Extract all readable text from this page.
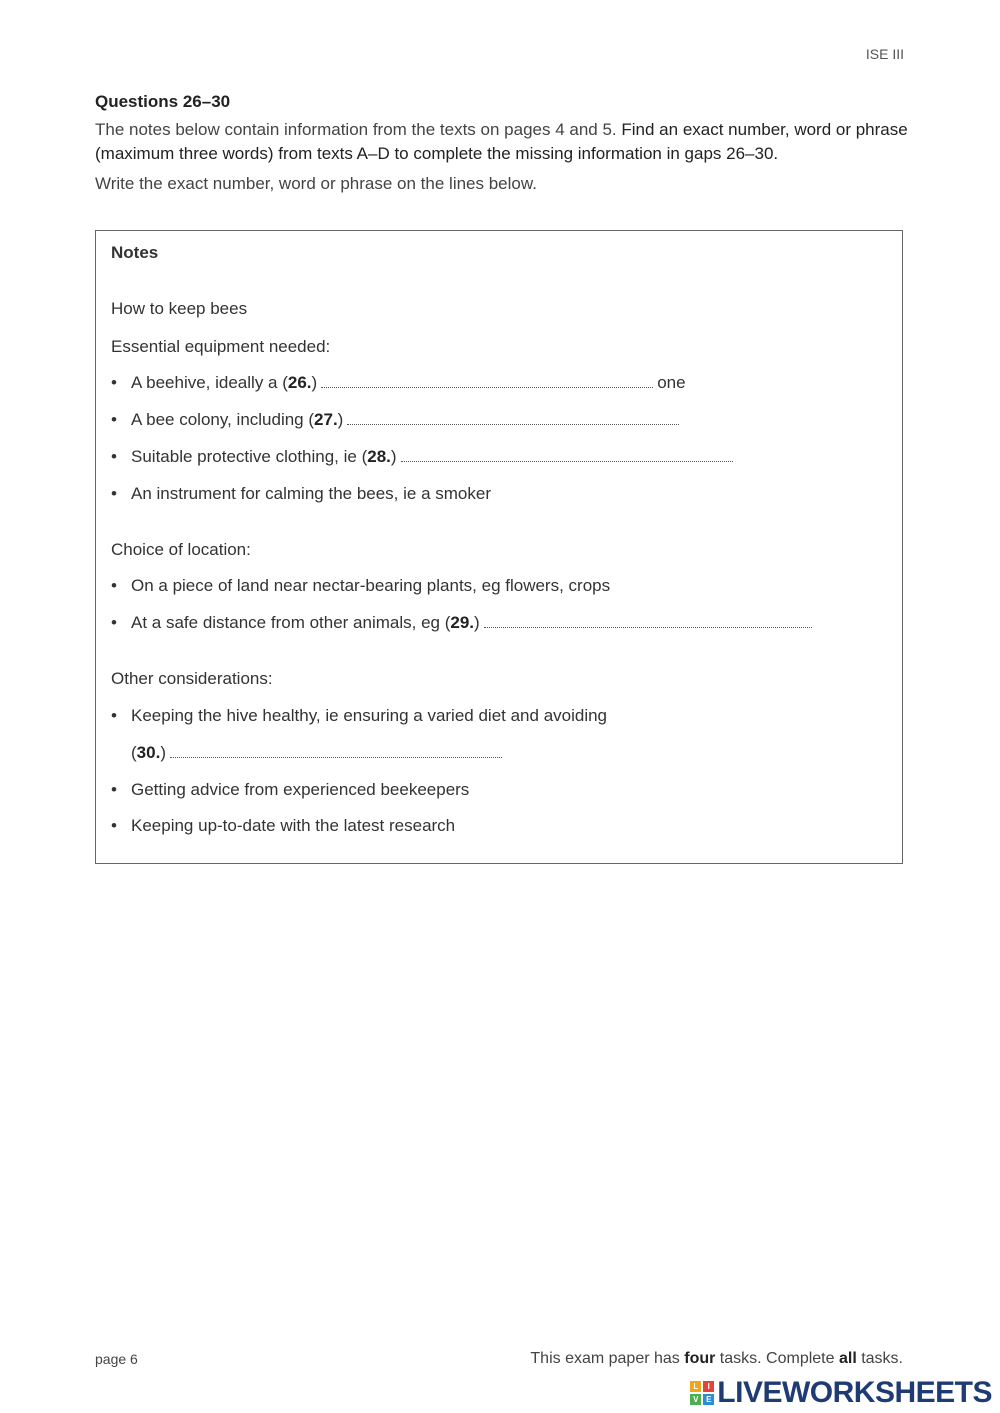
ISE III
Questions 26–30
The notes below contain information from the texts on pages 4 and 5. Find an exact number, word or phrase (maximum three words) from texts A–D to complete the missing information in gaps 26–30.
Write the exact number, word or phrase on the lines below.
Notes
How to keep bees
Essential equipment needed:
• A beehive, ideally a (26.)	one
• A bee colony, including (27.)
• Suitable protective clothing, ie (28.)
• An instrument for calming the bees, ie a smoker
Choice of location:
• On a piece of land near nectar-bearing plants, eg flowers, crops
• At a safe distance from other animals, eg (29.)
Other considerations:
• Keeping the hive healthy, ie ensuring a varied diet and avoiding
(30.)
• Getting advice from experienced beekeepers
• Keeping up-to-date with the latest research
page 6	This exam paper has four tasks. Complete all tasks.
L	I
V E LIVEWORKSHEETS
